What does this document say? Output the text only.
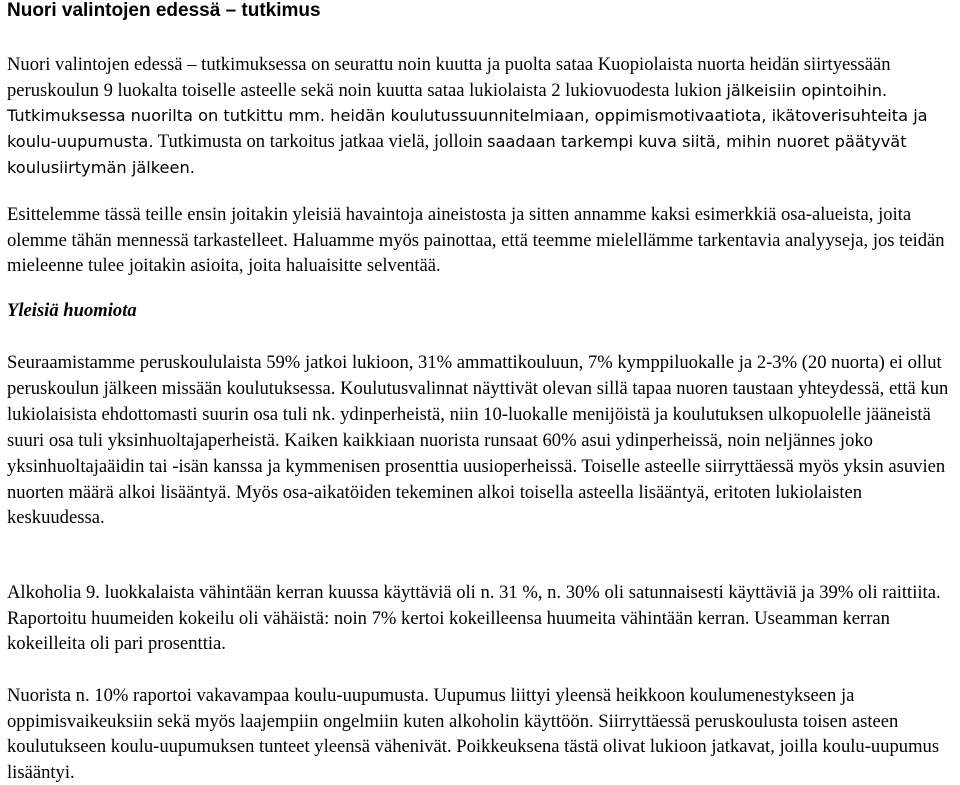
Nuori valintojen edessä – tutkimus

Nuori valintojen edessä – tutkimuksessa on seurattu noin kuutta ja puolta sataa Kuopiolaista nuorta heidän siirtyessään peruskoulun 9 luokalta toiselle asteelle sekä noin kuutta sataa lukiolaista 2 lukiovuodesta lukion jälkeisiin opintoihin. Tutkimuksessa nuorilta on tutkittu mm. heidän koulutussuunnitelmiaan, oppimismotivaatiota, ikätoverisuhteita ja koulu-uupumusta. Tutkimusta on tarkoitus jatkaa vielä, jolloin saadaan tarkempi kuva siitä, mihin nuoret päätyvät koulusiirtymän jälkeen.

Esittelemme tässä teille ensin joitakin yleisiä havaintoja aineistosta ja sitten annamme kaksi esimerkkiä osa-alueista, joita olemme tähän mennessä tarkastelleet. Haluamme myös painottaa, että teemme mielellämme tarkentavia analyyseja, jos teidän mieleenne tulee joitakin asioita, joita haluaisitte selventää.

Yleisiä huomiota

Seuraamistamme peruskoululaista 59% jatkoi lukioon, 31% ammattikouluun, 7% kymppiluokalle ja 2-3% (20 nuorta) ei ollut peruskoulun jälkeen missään koulutuksessa. Koulutusvalinnat näyttivät olevan sillä tapaa nuoren taustaan yhteydessä, että kun lukiolaisista ehdottomasti suurin osa tuli nk. ydinperheistä, niin 10-luokalle menijöistä ja koulutuksen ulkopuolelle jääneistä suuri osa tuli yksinhuoltajaperheistä. Kaiken kaikkiaan nuorista runsaat 60% asui ydinperheissä, noin neljännes joko yksinhuoltajaäidin tai -isän kanssa ja kymmenisen prosenttia uusioperheissä. Toiselle asteelle siirryttäessä myös yksin asuvien nuorten määrä alkoi lisääntyä. Myös osa-aikatöiden tekeminen alkoi toisella asteella lisääntyä, eritoten lukiolaisten keskuudessa.

Alkoholia 9. luokkalaista vähintään kerran kuussa käyttäviä oli n. 31 %, n. 30% oli satunnaisesti käyttäviä ja 39% oli raittiita. Raportoitu huumeiden kokeilu oli vähäistä: noin 7% kertoi kokeilleensa huumeita vähintään kerran. Useamman kerran kokeilleita oli pari prosenttia.

Nuorista n. 10% raportoi vakavampaa koulu-uupumusta. Uupumus liittyi yleensä heikkoon koulumenestykseen ja oppimisvaikeuksiin sekä myös laajempiin ongelmiin kuten alkoholin käyttöön. Siirryttäessä peruskoulusta toisen asteen koulutukseen koulu-uupumuksen tunteet yleensä vähenivät. Poikkeuksena tästä olivat lukioon jatkavat, joilla koulu-uupumus lisääntyi.
